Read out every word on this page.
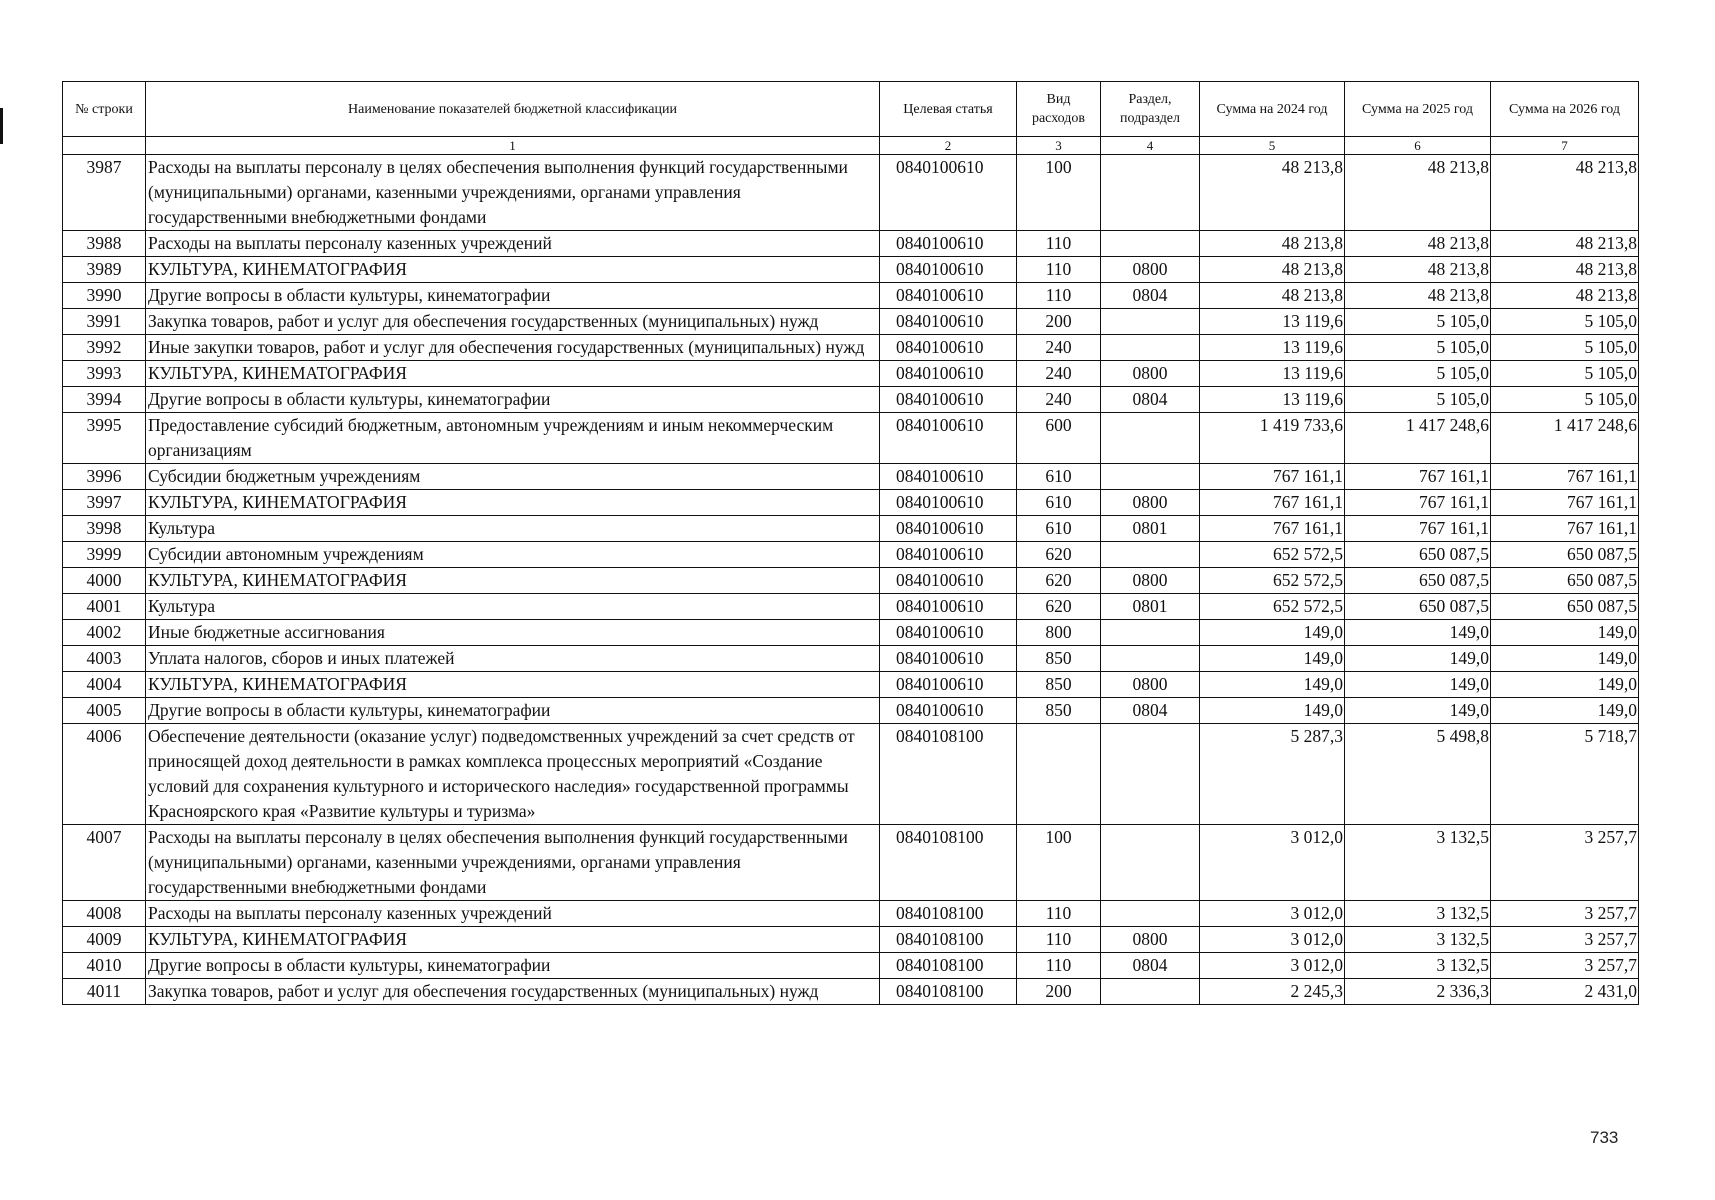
№ строки	Наименование показателей бюджетной классификации	Целевая статья	Вид расходов	Раздел, подраздел	Сумма на 2024 год	Сумма на 2025 год	Сумма на 2026 год
	1	2	3	4	5	6	7
3987	Расходы на выплаты персоналу в целях обеспечения выполнения функций государственными (муниципальными) органами, казенными учреждениями, органами управления государственными внебюджетными фондами	0840100610	100		48 213,8	48 213,8	48 213,8
3988	Расходы на выплаты персоналу казенных учреждений	0840100610	110		48 213,8	48 213,8	48 213,8
3989	КУЛЬТУРА, КИНЕМАТОГРАФИЯ	0840100610	110	0800	48 213,8	48 213,8	48 213,8
3990	Другие вопросы в области культуры, кинематографии	0840100610	110	0804	48 213,8	48 213,8	48 213,8
3991	Закупка товаров, работ и услуг для обеспечения государственных (муниципальных) нужд	0840100610	200		13 119,6	5 105,0	5 105,0
3992	Иные закупки товаров, работ и услуг для обеспечения государственных (муниципальных) нужд	0840100610	240		13 119,6	5 105,0	5 105,0
3993	КУЛЬТУРА, КИНЕМАТОГРАФИЯ	0840100610	240	0800	13 119,6	5 105,0	5 105,0
3994	Другие вопросы в области культуры, кинематографии	0840100610	240	0804	13 119,6	5 105,0	5 105,0
3995	Предоставление субсидий бюджетным, автономным учреждениям и иным некоммерческим организациям	0840100610	600		1 419 733,6	1 417 248,6	1 417 248,6
3996	Субсидии бюджетным учреждениям	0840100610	610		767 161,1	767 161,1	767 161,1
3997	КУЛЬТУРА, КИНЕМАТОГРАФИЯ	0840100610	610	0800	767 161,1	767 161,1	767 161,1
3998	Культура	0840100610	610	0801	767 161,1	767 161,1	767 161,1
3999	Субсидии автономным учреждениям	0840100610	620		652 572,5	650 087,5	650 087,5
4000	КУЛЬТУРА, КИНЕМАТОГРАФИЯ	0840100610	620	0800	652 572,5	650 087,5	650 087,5
4001	Культура	0840100610	620	0801	652 572,5	650 087,5	650 087,5
4002	Иные бюджетные ассигнования	0840100610	800		149,0	149,0	149,0
4003	Уплата налогов, сборов и иных платежей	0840100610	850		149,0	149,0	149,0
4004	КУЛЬТУРА, КИНЕМАТОГРАФИЯ	0840100610	850	0800	149,0	149,0	149,0
4005	Другие вопросы в области культуры, кинематографии	0840100610	850	0804	149,0	149,0	149,0
4006	Обеспечение деятельности (оказание услуг) подведомственных учреждений за счет средств от приносящей доход деятельности в рамках комплекса процессных мероприятий «Создание условий для сохранения культурного и исторического наследия» государственной программы Красноярского края «Развитие культуры и туризма»	0840108100			5 287,3	5 498,8	5 718,7
4007	Расходы на выплаты персоналу в целях обеспечения выполнения функций государственными (муниципальными) органами, казенными учреждениями, органами управления государственными внебюджетными фондами	0840108100	100		3 012,0	3 132,5	3 257,7
4008	Расходы на выплаты персоналу казенных учреждений	0840108100	110		3 012,0	3 132,5	3 257,7
4009	КУЛЬТУРА, КИНЕМАТОГРАФИЯ	0840108100	110	0800	3 012,0	3 132,5	3 257,7
4010	Другие вопросы в области культуры, кинематографии	0840108100	110	0804	3 012,0	3 132,5	3 257,7
4011	Закупка товаров, работ и услуг для обеспечения государственных (муниципальных) нужд	0840108100	200		2 245,3	2 336,3	2 431,0
733
